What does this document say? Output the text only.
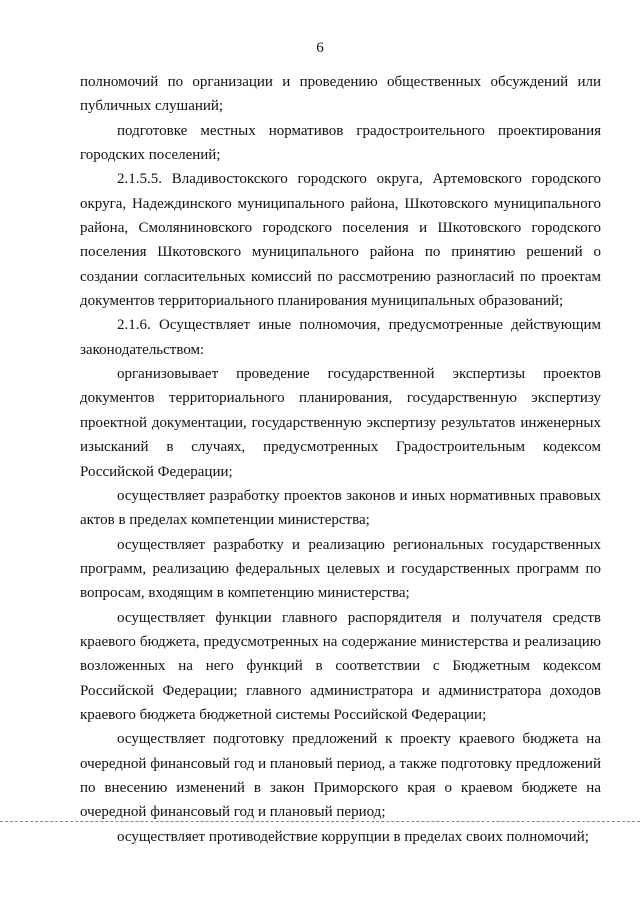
6

полномочий по организации и проведению общественных обсуждений или публичных слушаний;

подготовке местных нормативов градостроительного проектирования городских поселений;

2.1.5.5. Владивостокского городского округа, Артемовского городского округа, Надеждинского муниципального района, Шкотовского муниципального района, Смоляниновского городского поселения и Шкотовского городского поселения Шкотовского муниципального района по принятию решений о создании согласительных комиссий по рассмотрению разногласий по проектам документов территориального планирования муниципальных образований;

2.1.6. Осуществляет иные полномочия, предусмотренные действующим законодательством:

организовывает проведение государственной экспертизы проектов документов территориального планирования, государственную экспертизу проектной документации, государственную экспертизу результатов инженерных изысканий в случаях, предусмотренных Градостроительным кодексом Российской Федерации;

осуществляет разработку проектов законов и иных нормативных правовых актов в пределах компетенции министерства;

осуществляет разработку и реализацию региональных государственных программ, реализацию федеральных целевых и государственных программ по вопросам, входящим в компетенцию министерства;

осуществляет функции главного распорядителя и получателя средств краевого бюджета, предусмотренных на содержание министерства и реализацию возложенных на него функций в соответствии с Бюджетным кодексом Российской Федерации; главного администратора и администратора доходов краевого бюджета бюджетной системы Российской Федерации;

осуществляет подготовку предложений к проекту краевого бюджета на очередной финансовый год и плановый период, а также подготовку предложений по внесению изменений в закон Приморского края о краевом бюджете на очередной финансовый год и плановый период;

осуществляет противодействие коррупции в пределах своих полномочий;
